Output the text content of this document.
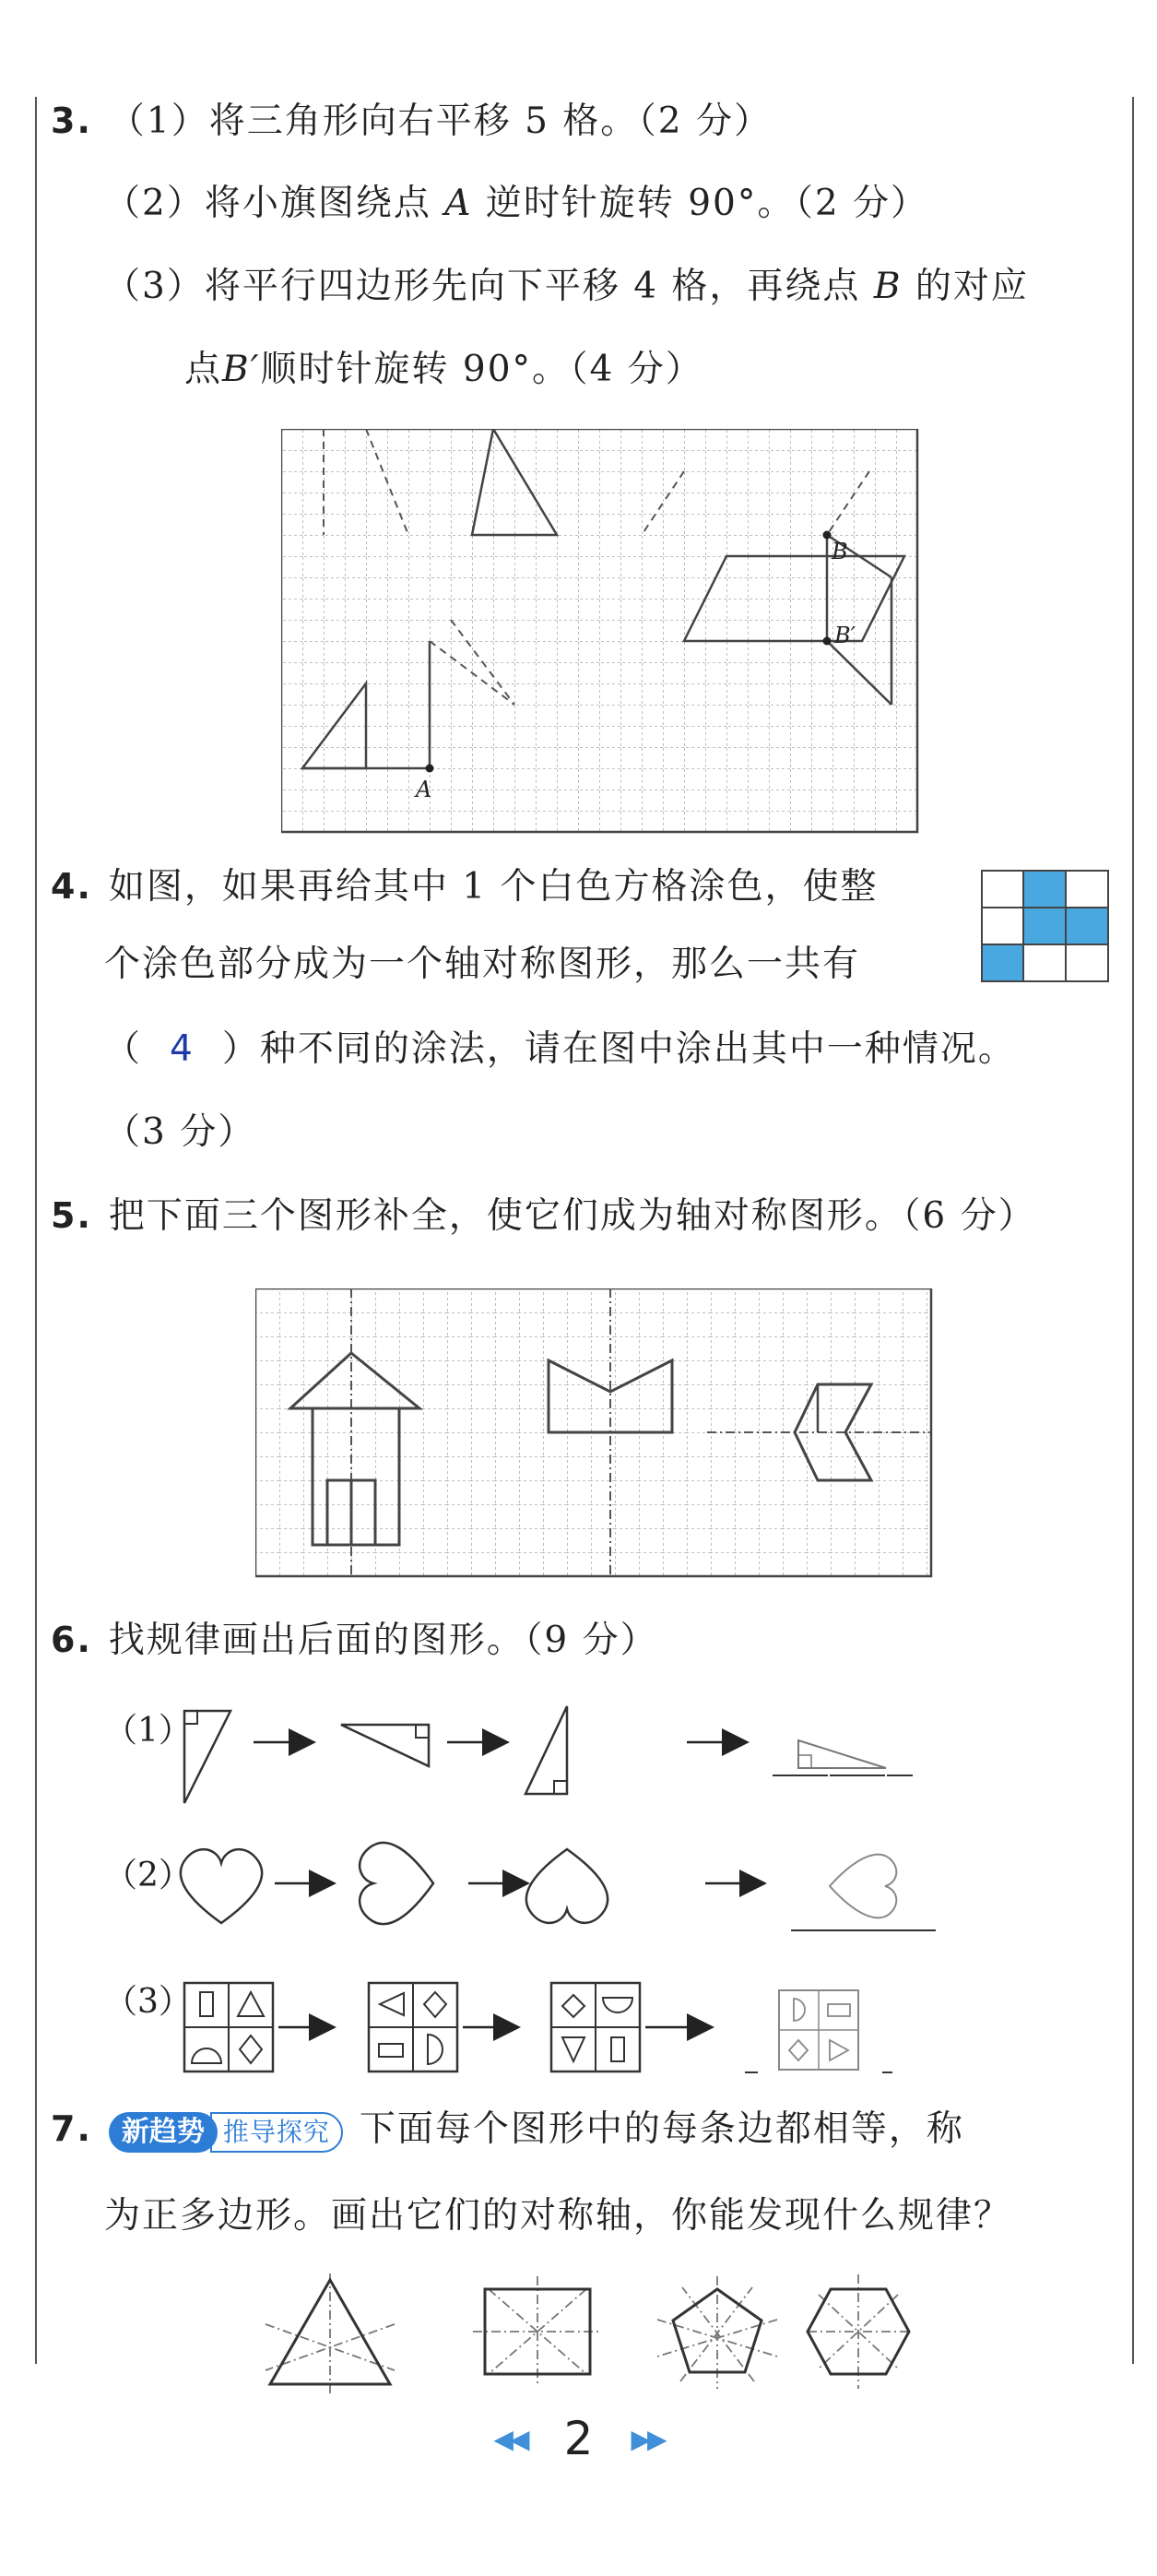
3. （1）将三角形向右平移 5 格。（2 分）
（2）将小旗图绕点 A 逆时针旋转 90°。（2 分）
（3）将平行四边形先向下平移 4 格，再绕点 B 的对应
点B′顺时针旋转 90°。（4 分）
B
B′
A
4. 如图，如果再给其中 1 个白色方格涂色，使整
个涂色部分成为一个轴对称图形，那么一共有
（ 4 ）种不同的涂法，请在图中涂出其中一种情况。
（3 分）
5. 把下面三个图形补全，使它们成为轴对称图形。（6 分）
6. 找规律画出后面的图形。（9 分）
（1）
（2）
（3）
7. 新趋势 推导探究 下面每个图形中的每条边都相等，称
为正多边形。画出它们的对称轴，你能发现什么规律？
◀◀ 2 ▶▶
